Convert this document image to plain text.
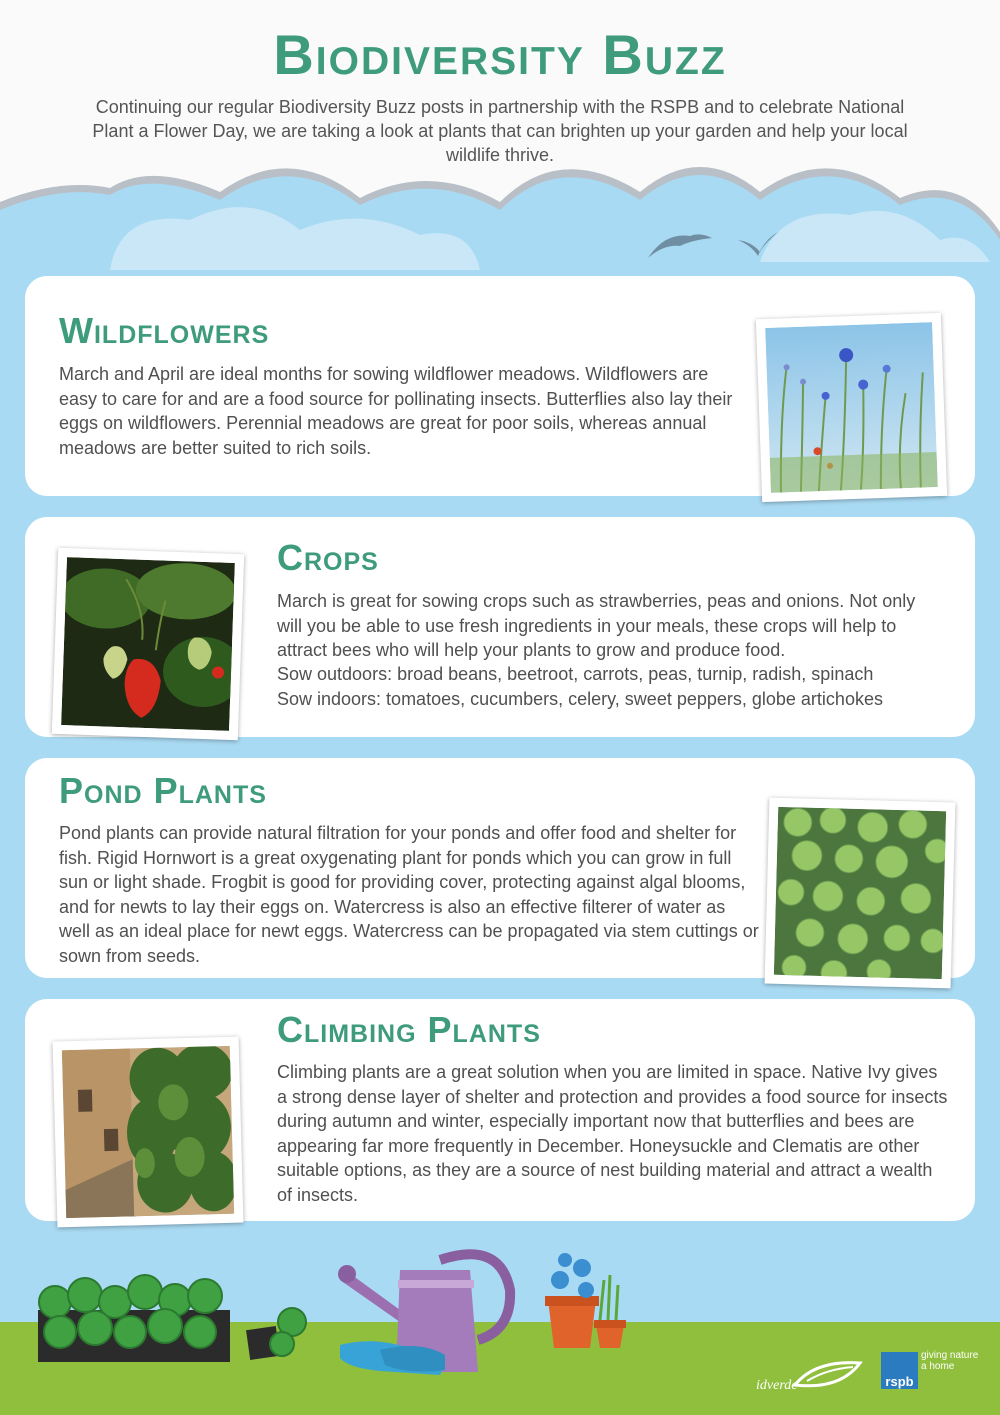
Biodiversity Buzz

Continuing our regular Biodiversity Buzz posts in partnership with the RSPB and to celebrate National Plant a Flower Day, we are taking a look at plants that can brighten up your garden and help your local wildlife thrive.

Wildflowers

March and April are ideal months for sowing wildflower meadows. Wildflowers are easy to care for and are a food source for pollinating insects. Butterflies also lay their eggs on wildflowers. Perennial meadows are great for poor soils, whereas annual meadows are better suited to rich soils.

Crops

March is great for sowing crops such as strawberries, peas and onions. Not only will you be able to use fresh ingredients in your meals, these crops will help to attract bees who will help your plants to grow and produce food.

Sow outdoors: broad beans, beetroot, carrots, peas, turnip, radish, spinach

Sow indoors: tomatoes, cucumbers, celery, sweet peppers, globe artichokes

Pond Plants

Pond plants can provide natural filtration for your ponds and offer food and shelter for fish. Rigid Hornwort is a great oxygenating plant for ponds which you can grow in full sun or light shade. Frogbit is good for providing cover, protecting against algal blooms, and for newts to lay their eggs on. Watercress is also an effective filterer of water as well as an ideal place for newt eggs. Watercress can be propagated via stem cuttings or sown from seeds.

Climbing Plants

Climbing plants are a great solution when you are limited in space. Native Ivy gives a strong dense layer of shelter and protection and provides a food source for insects during autumn and winter, especially important now that butterflies and bees are appearing far more frequently in December. Honeysuckle and Clematis are other suitable options, as they are a source of nest building material and attract a wealth of insects.

idverde	rspb
giving nature a home
